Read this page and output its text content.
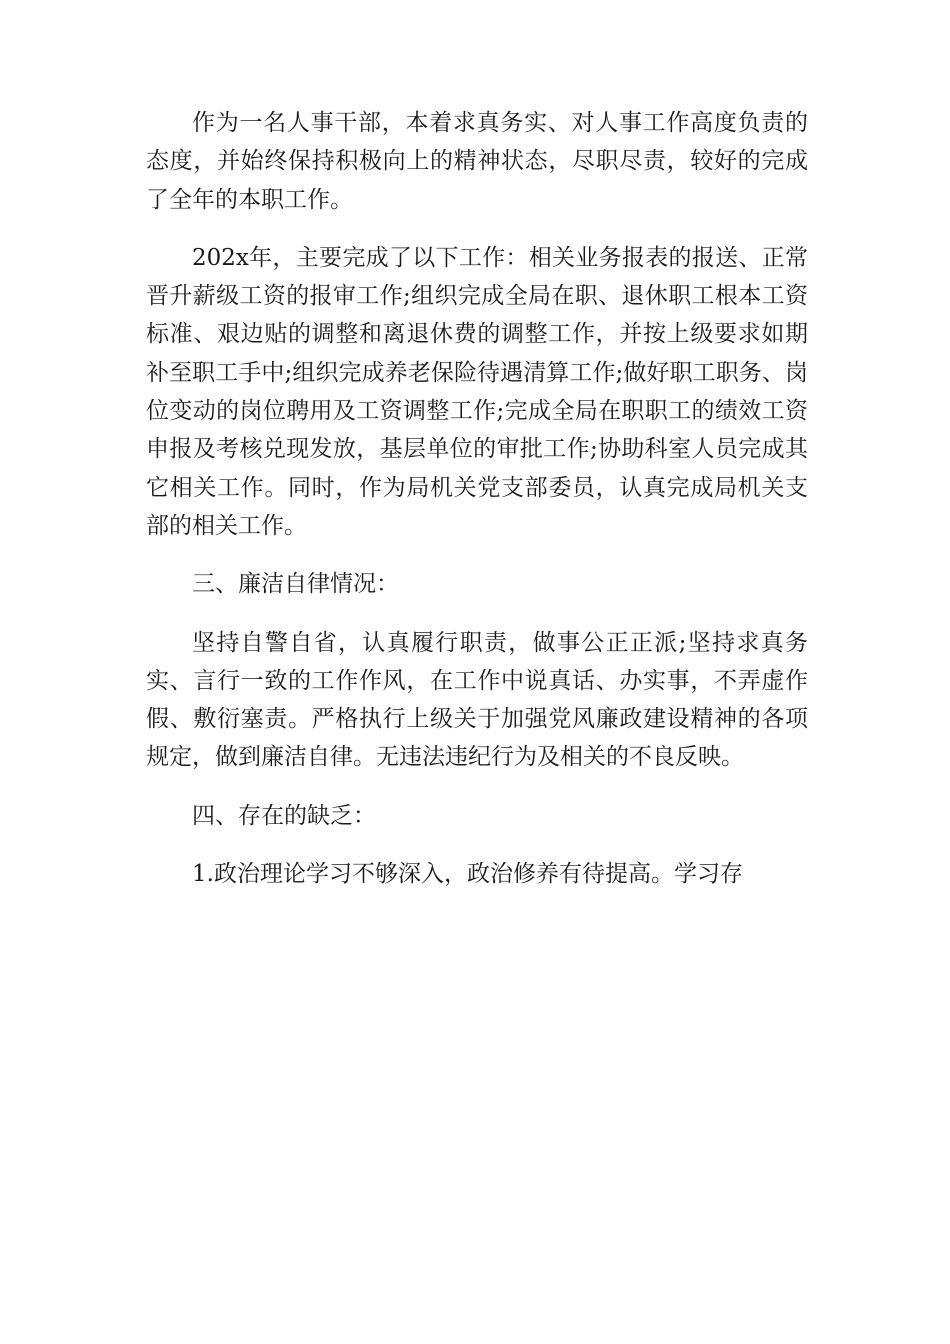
作为一名人事干部，本着求真务实、对人事工作高度负责的态度，并始终保持积极向上的精神状态，尽职尽责，较好的完成了全年的本职工作。

202x年，主要完成了以下工作：相关业务报表的报送、正常晋升薪级工资的报审工作;组织完成全局在职、退休职工根本工资标准、艰边贴的调整和离退休费的调整工作，并按上级要求如期补至职工手中;组织完成养老保险待遇清算工作;做好职工职务、岗位变动的岗位聘用及工资调整工作;完成全局在职职工的绩效工资申报及考核兑现发放，基层单位的审批工作;协助科室人员完成其它相关工作。同时，作为局机关党支部委员，认真完成局机关支部的相关工作。

三、廉洁自律情况：

坚持自警自省，认真履行职责，做事公正正派;坚持求真务实、言行一致的工作作风，在工作中说真话、办实事，不弄虚作假、敷衍塞责。严格执行上级关于加强党风廉政建设精神的各项规定，做到廉洁自律。无违法违纪行为及相关的不良反映。

四、存在的缺乏：

1.政治理论学习不够深入，政治修养有待提高。学习存
